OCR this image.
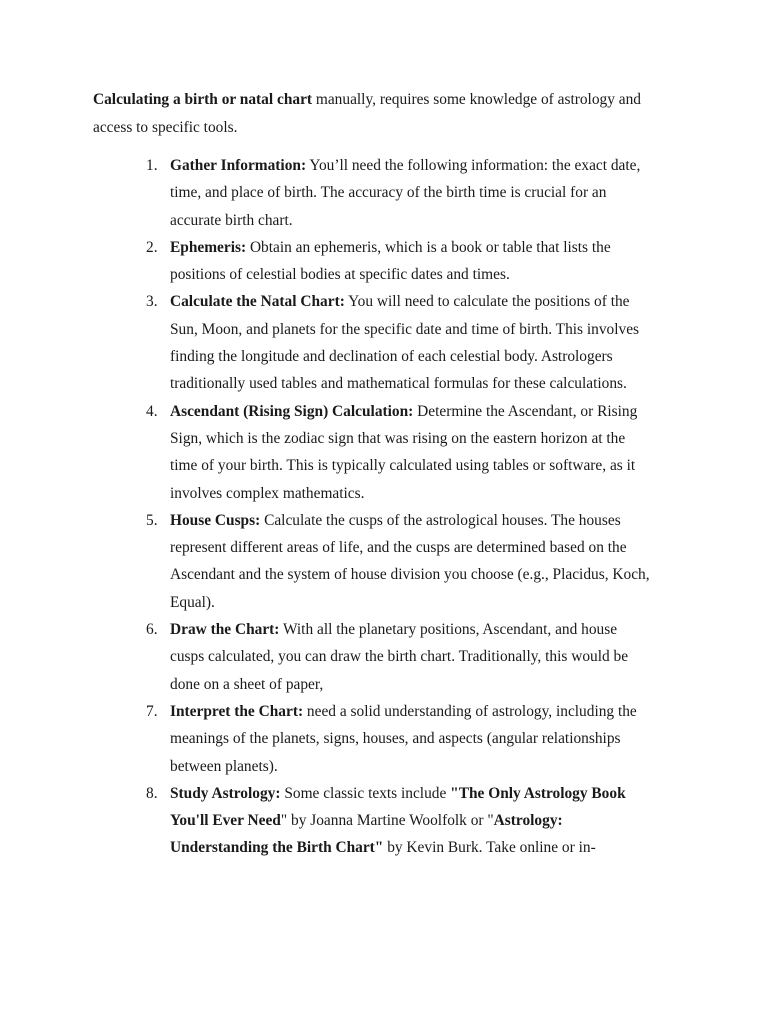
Calculating a birth or natal chart manually, requires some knowledge of astrology and access to specific tools.

1. Gather Information: You’ll need the following information: the exact date, time, and place of birth. The accuracy of the birth time is crucial for an accurate birth chart.
2. Ephemeris: Obtain an ephemeris, which is a book or table that lists the positions of celestial bodies at specific dates and times.
3. Calculate the Natal Chart: You will need to calculate the positions of the Sun, Moon, and planets for the specific date and time of birth. This involves finding the longitude and declination of each celestial body. Astrologers traditionally used tables and mathematical formulas for these calculations.
4. Ascendant (Rising Sign) Calculation: Determine the Ascendant, or Rising Sign, which is the zodiac sign that was rising on the eastern horizon at the time of your birth. This is typically calculated using tables or software, as it involves complex mathematics.
5. House Cusps: Calculate the cusps of the astrological houses. The houses represent different areas of life, and the cusps are determined based on the Ascendant and the system of house division you choose (e.g., Placidus, Koch, Equal).
6. Draw the Chart: With all the planetary positions, Ascendant, and house cusps calculated, you can draw the birth chart. Traditionally, this would be done on a sheet of paper,
7. Interpret the Chart: need a solid understanding of astrology, including the meanings of the planets, signs, houses, and aspects (angular relationships between planets).
8. Study Astrology: Some classic texts include "The Only Astrology Book You'll Ever Need" by Joanna Martine Woolfolk or "Astrology: Understanding the Birth Chart" by Kevin Burk. Take online or in-
